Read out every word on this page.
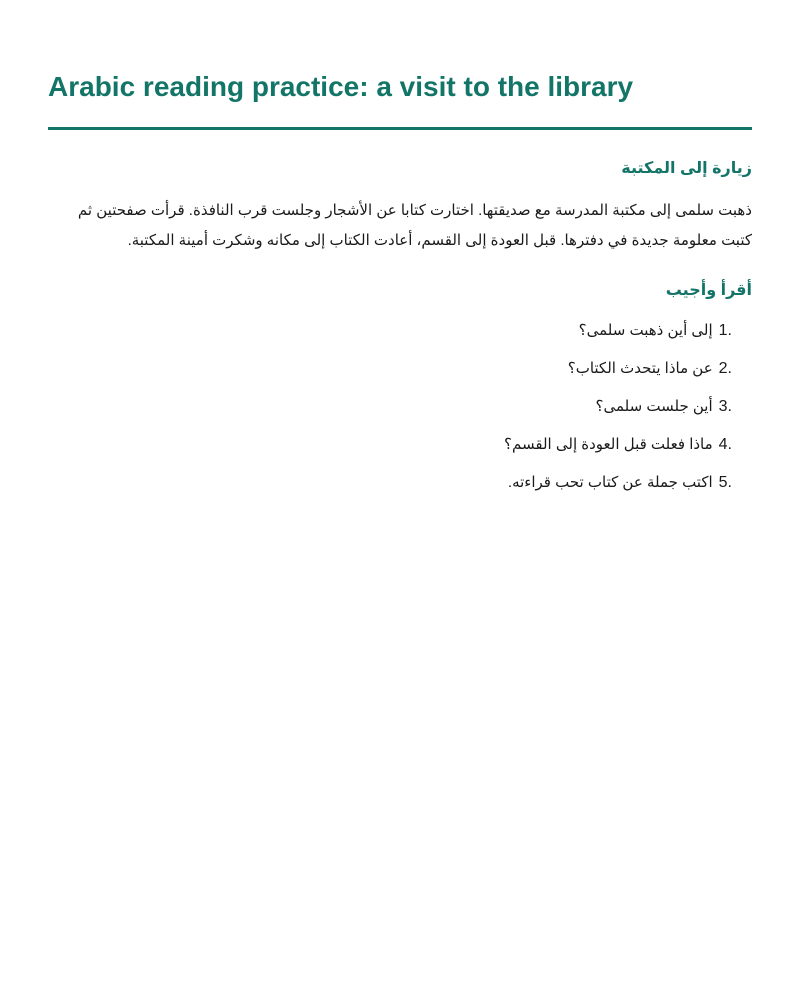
Arabic reading practice: a visit to the library
زيارة إلى المكتبة

ذهبت سلمى إلى مكتبة المدرسة مع صديقتها. اختارت كتابا عن الأشجار وجلست قرب النافذة. قرأت صفحتين ثم كتبت معلومة جديدة في دفترها. قبل العودة إلى القسم، أعادت الكتاب إلى مكانه وشكرت أمينة المكتبة.

أقرأ وأجيب
1.
إلى أين ذهبت سلمى؟
2.
عن ماذا يتحدث الكتاب؟
3.
أين جلست سلمى؟
4.
ماذا فعلت قبل العودة إلى القسم؟
5.
اكتب جملة عن كتاب تحب قراءته.
